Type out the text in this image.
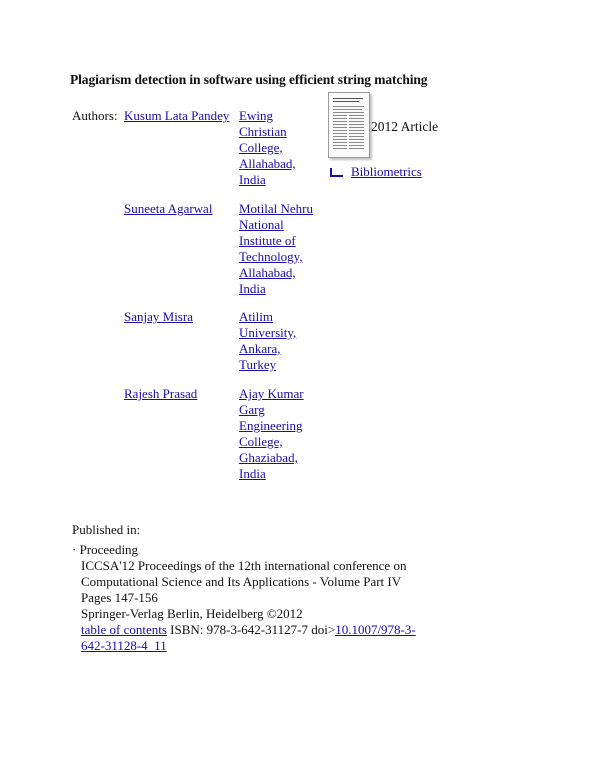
Plagiarism detection in software using efficient string matching
Authors: Kusum Lata Pandey Ewing
Christian
College,
Allahabad,
India
Suneeta Agarwal Motilal Nehru
National
Institute of
Technology,
Allahabad,
India
Sanjay Misra	Atilim
University,
Ankara,
Turkey
Rajesh Prasad	Ajay Kumar
Garg
Engineering
College,
Ghaziabad,
India
2012 Article
Bibliometrics
Published in:
· Proceeding
ICCSA'12 Proceedings of the 12th international conference on
Computational Science and Its Applications - Volume Part IV
Pages 147-156
Springer-Verlag Berlin, Heidelberg ©2012
table of contents ISBN: 978-3-642-31127-7 doi>10.1007/978-3-
642-31128-4_11
